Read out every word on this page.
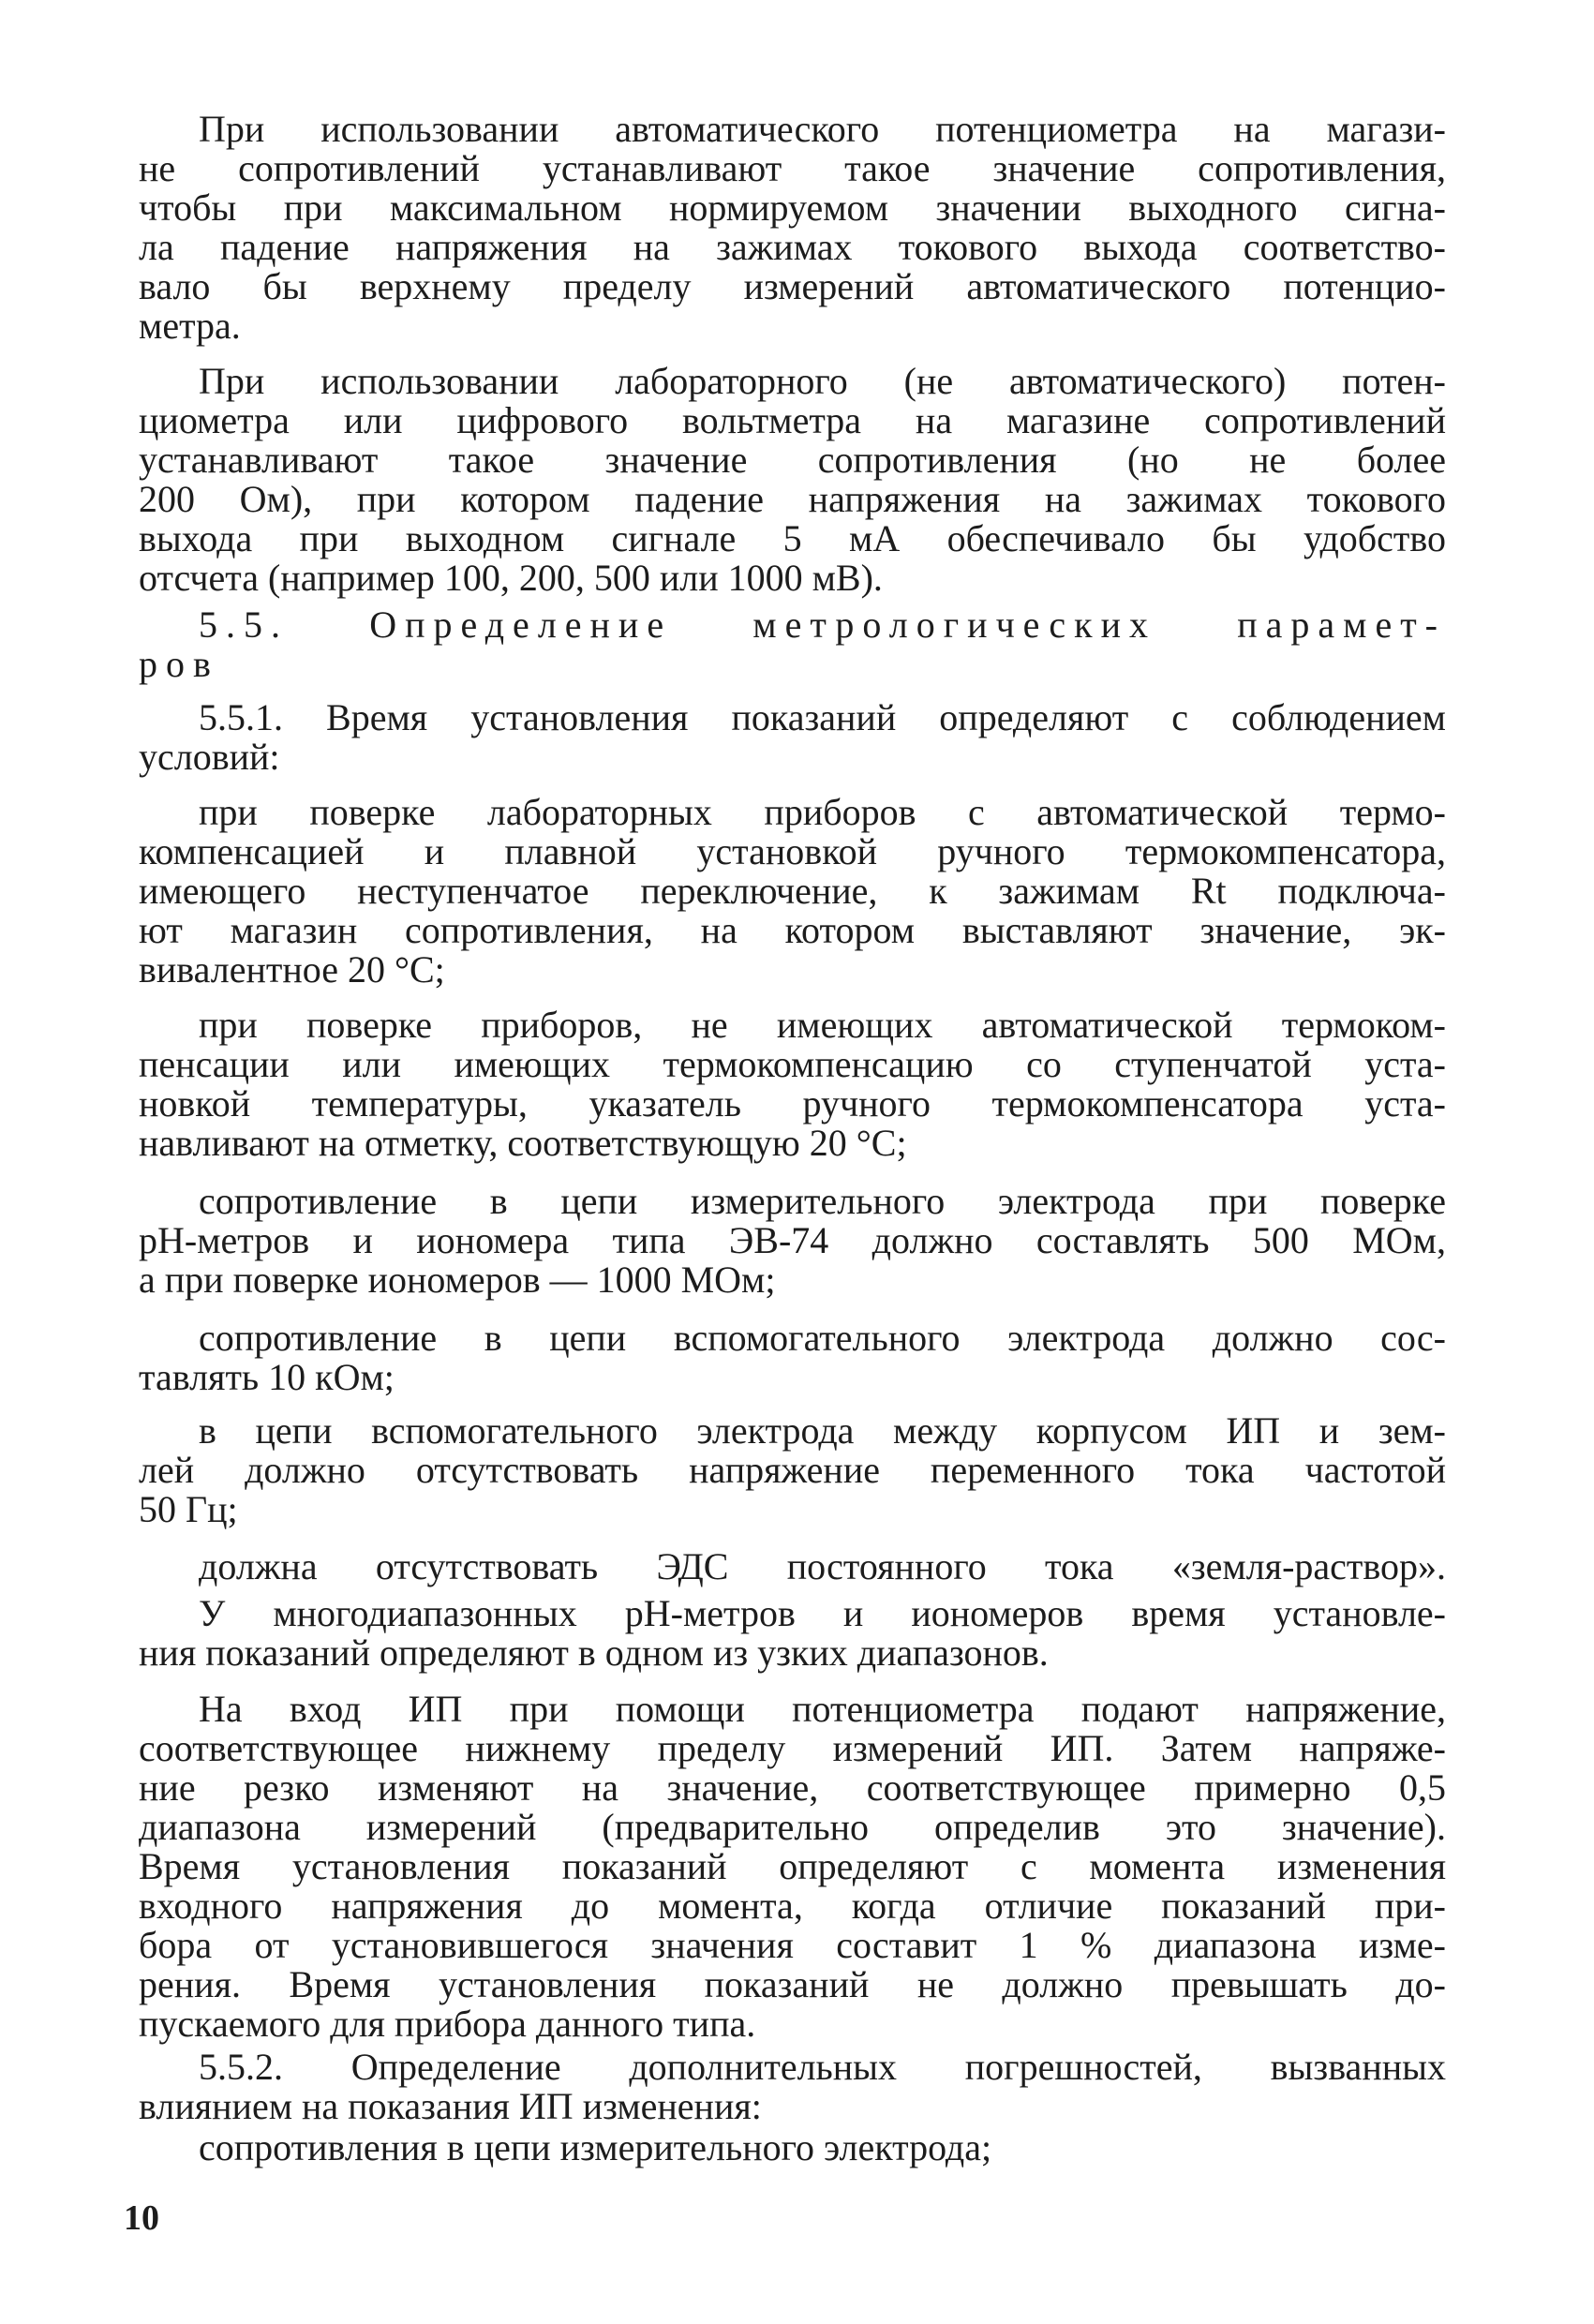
При использовании автоматического потенциометра на магази-
не сопротивлений устанавливают такое значение сопротивления,
чтобы при максимальном нормируемом значении выходного сигна-
ла падение напряжения на зажимах токового выхода соответство-
вало бы верхнему пределу измерений автоматического потенцио-
метра.
При использовании лабораторного (не автоматического) потен-
циометра или цифрового вольтметра на магазине сопротивлений
устанавливают такое значение сопротивления (но не более
200 Ом), при котором падение напряжения на зажимах токового
выхода при выходном сигнале 5 мА обеспечивало бы удобство
отсчета (например 100, 200, 500 или 1000 мВ).
5.5. Определение метрологических парамет-
ров
5.5.1. Время установления показаний определяют с соблюдением
условий:
при поверке лабораторных приборов с автоматической термо-
компенсацией и плавной установкой ручного термокомпенсатора,
имеющего неступенчатое переключение, к зажимам Rt подключа-
ют магазин сопротивления, на котором выставляют значение, эк-
вивалентное 20 °С;
при поверке приборов, не имеющих автоматической термоком-
пенсации или имеющих термокомпенсацию со ступенчатой уста-
новкой температуры, указатель ручного термокомпенсатора уста-
навливают на отметку, соответствующую 20 °С;
сопротивление в цепи измерительного электрода при поверке
рН-метров и иономера типа ЭВ-74 должно составлять 500 МОм,
а при поверке иономеров — 1000 МОм;
сопротивление в цепи вспомогательного электрода должно сос-
тавлять 10 кОм;
в цепи вспомогательного электрода между корпусом ИП и зем-
лей должно отсутствовать напряжение переменного тока частотой
50 Гц;
должна отсутствовать ЭДС постоянного тока «земля-раствор».
У многодиапазонных рН-метров и иономеров время установле-
ния показаний определяют в одном из узких диапазонов.
На вход ИП при помощи потенциометра подают напряжение,
соответствующее нижнему пределу измерений ИП. Затем напряже-
ние резко изменяют на значение, соответствующее примерно 0,5
диапазона измерений (предварительно определив это значение).
Время установления показаний определяют с момента изменения
входного напряжения до момента, когда отличие показаний при-
бора от установившегося значения составит 1 % диапазона изме-
рения. Время установления показаний не должно превышать до-
пускаемого для прибора данного типа.
5.5.2. Определение дополнительных погрешностей, вызванных
влиянием на показания ИП изменения:
сопротивления в цепи измерительного электрода;
10
